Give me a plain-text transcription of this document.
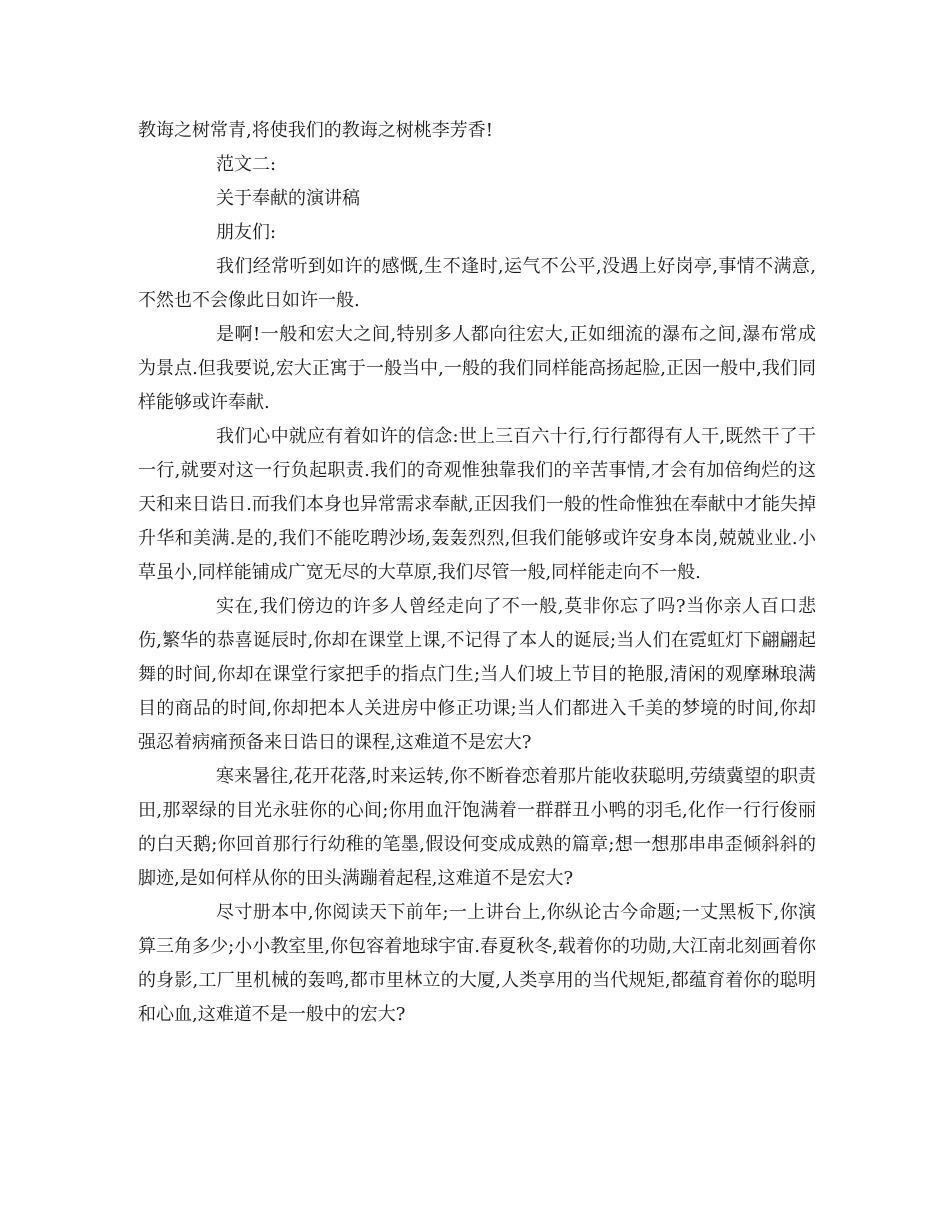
教诲之树常青,将使我们的教诲之树桃李芳香!

范文二:

关于奉献的演讲稿

朋友们:

我们经常听到如许的感慨,生不逢时,运气不公平,没遇上好岗亭,事情不满意,不然也不会像此日如许一般.

是啊!一般和宏大之间,特别多人都向往宏大,正如细流的瀑布之间,瀑布常成为景点.但我要说,宏大正寓于一般当中,一般的我们同样能高扬起脸,正因一般中,我们同样能够或许奉献.

我们心中就应有着如许的信念:世上三百六十行,行行都得有人干,既然干了干一行,就要对这一行负起职责.我们的奇观惟独靠我们的辛苦事情,才会有加倍绚烂的这天和来日诰日.而我们本身也异常需求奉献,正因我们一般的性命惟独在奉献中才能失掉升华和美满.是的,我们不能吃聘沙场,轰轰烈烈,但我们能够或许安身本岗,兢兢业业.小草虽小,同样能铺成广宽无尽的大草原,我们尽管一般,同样能走向不一般.

实在,我们傍边的许多人曾经走向了不一般,莫非你忘了吗?当你亲人百口悲伤,繁华的恭喜诞辰时,你却在课堂上课,不记得了本人的诞辰;当人们在霓虹灯下翩翩起舞的时间,你却在课堂行家把手的指点门生;当人们坡上节目的艳服,清闲的观摩琳琅满目的商品的时间,你却把本人关进房中修正功课;当人们都进入千美的梦境的时间,你却强忍着病痛预备来日诰日的课程,这难道不是宏大?

寒来暑往,花开花落,时来运转,你不断眷恋着那片能收获聪明,劳绩冀望的职责田,那翠绿的目光永驻你的心间;你用血汗饱满着一群群丑小鸭的羽毛,化作一行行俊丽的白天鹅;你回首那行行幼稚的笔墨,假设何变成成熟的篇章;想一想那串串歪倾斜斜的脚迹,是如何样从你的田头满蹦着起程,这难道不是宏大?

尽寸册本中,你阅读天下前年;一上讲台上,你纵论古今命题;一丈黑板下,你演算三角多少;小小教室里,你包容着地球宇宙.春夏秋冬,载着你的功勋,大江南北刻画着你的身影,工厂里机械的轰鸣,都市里林立的大厦,人类享用的当代规矩,都蕴育着你的聪明和心血,这难道不是一般中的宏大?
